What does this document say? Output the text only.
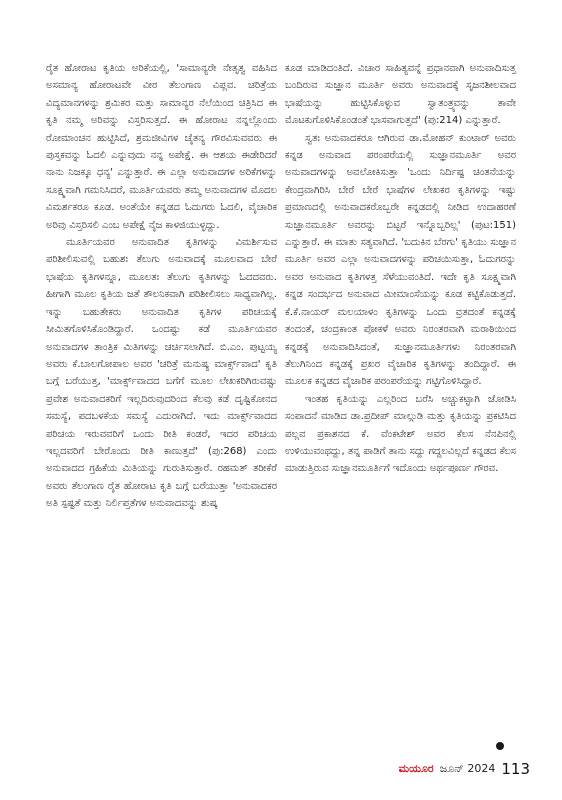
ರೈತ ಹೋರಾಟ ಕೃತಿಯ ಅರಿಕೆಯಲ್ಲಿ, 'ಸಾಮಾನ್ಯರೇ ನೇತೃತ್ವ ವಹಿಸಿದ ಅಸಮಾನ್ಯ ಹೋರಾಟವೇ ವೀರ ತೆಲಂಗಾಣ ವಿಪ್ಲವ. ಚರಿತ್ರೆಯ ವಿದ್ಯಮಾನಗಳನ್ನು ಶ್ರಮಿಕರ ಮತ್ತು ಸಾಮಾನ್ಯರ ನೆಲೆಯಿಂದ ಚಿತ್ರಿಸಿದ ಈ ಕೃತಿ ನಮ್ಮ ಅರಿವನ್ನು ವಿಸ್ತರಿಸುತ್ತದೆ. ಈ ಹೋರಾಟ ನನ್ನಲ್ಲೊಂದು ರೋಮಾಂಚನ ಹುಟ್ಟಿಸಿದೆ, ಶ್ರಮಜೀವಿಗಳ ಚೈತನ್ಯ ಗೌರವಿಸುವವರು ಈ ಪುಸ್ತಕವನ್ನು ಓದಲಿ ಎನ್ನುವುದು ನನ್ನ ಅಪೇಕ್ಷೆ. ಈ ಆಶಯ ಈಡೇರಿದರೆ ನಾನು ನಿಜಕ್ಕೂ ಧನ್ಯ' ಎನ್ನುತ್ತಾರೆ. ಈ ಎಲ್ಲಾ ಅನುವಾದಗಳ ಅರಿಕೆಗಳನ್ನು ಸೂಕ್ಷ್ಮವಾಗಿ ಗಮನಿಸಿದರೆ, ಮೂರ್ತಿಯವರು ತಮ್ಮ ಅನುವಾದಗಳ ಮೊದಲ ವಿಮರ್ಶಕರೂ ಕೂಡ. ಅಂತೆಯೇ ಕನ್ನಡದ ಓದುಗರು ಓದಲಿ, ವೈಚಾರಿಕ ಅರಿವು ವಿಸ್ತರಿಸಲಿ ಎಂಬ ಅಪೇಕ್ಷೆ ನೈಜ ಕಾಳಜಿಯುಳ್ಳದ್ದು.

ಮೂರ್ತಿಯವರ ಅನುವಾದಿತ ಕೃತಿಗಳನ್ನು ವಿಮರ್ಶಿಸುವ ಪರಿಶೀಲಿಸುವಲ್ಲಿ ಬಹುಶಃ ತೆಲುಗು ಅನುವಾದಕ್ಕೆ ಮೂಲವಾದ ಬೇರೆ ಭಾಷೆಯ ಕೃತಿಗಳನ್ನೂ, ಮೂಲತಃ ತೆಲುಗು ಕೃತಿಗಳನ್ನು ಓದದವರು. ಹೀಗಾಗಿ ಮೂಲ ಕೃತಿಯ ಜತೆ ತೌಲನಿಕವಾಗಿ ಪರಿಶೀಲಿಸಲು ಸಾಧ್ಯವಾಗಿಲ್ಲ. ಇನ್ನು ಬಹುತೇಕರು ಅನುವಾದಿತ ಕೃತಿಗಳ ಪರಿಚಯಕ್ಕೆ ಸೀಮಿತಗೊಳಿಸಿಕೊಂಡಿದ್ದಾರೆ. ಒಂದಷ್ಟು ಕಡೆ ಮೂರ್ತಿಯವರ ಅನುವಾದಗಳ ತಾಂತ್ರಿಕ ಮಿತಿಗಳನ್ನು ಚರ್ಚಿಸಲಾಗಿದೆ. ಬಿ.ಎಂ. ಪುಟ್ಟಯ್ಯ ಅವರು ಕೆ.ಬಾಲಗೋಪಾಲ ಅವರ 'ಚರಿತ್ರೆ ಮನುಷ್ಯ ಮಾರ್ಕ್ಸ್‌ವಾದ' ಕೃತಿ ಬಗ್ಗೆ ಬರೆಯುತ್ತ, 'ಮಾರ್ಕ್ಸ್‌ವಾದದ ಬಗೆಗೆ ಮೂಲ ಲೇಖಕರಿಗಿರುವಷ್ಟು ಪ್ರವೇಶ ಅನುವಾದಕರಿಗೆ ಇಲ್ಲದಿರುವುದರಿಂದ ಕೆಲವು ಕಡೆ ದೃಷ್ಟಿಕೋನದ ಸಮಸ್ಯೆ, ಪದಬಳಕೆಯ ಸಮಸ್ಯೆ ಎದುರಾಗಿದೆ. ಇದು ಮಾರ್ಕ್ಸ್‌ವಾದದ ಪರಿಚಯ ಇರುವವರಿಗೆ ಒಂದು ರೀತಿ ಕಂಡರೆ, ಇದರ ಪರಿಚಯ ಇಲ್ಲದವರಿಗೆ ಬೇರೊಂದು ರೀತಿ ಕಾಣುತ್ತದೆ' (ಪು:268) ಎಂದು ಅನುವಾದದ ಗ್ರಹಿಕೆಯ ಮಿತಿಯನ್ನು ಗುರುತಿಸುತ್ತಾರೆ. ರಹಮತ್ ತರೀಕೆರೆ ಅವರು ತೆಲಂಗಾಣ ರೈತ ಹೋರಾಟ ಕೃತಿ ಬಗ್ಗೆ ಬರೆಯುತ್ತಾ 'ಅನುವಾದಕರ ಅತಿ ಸ್ಪಷ್ಟತೆ ಮತ್ತು ನಿರ್ಲಿಪ್ತತೆಗಳ ಅನುವಾದವನ್ನು ಶುಷ್ಕ

ಕೂಡ ಮಾಡಿದಂತಿದೆ. ವಿಚಾರ ಸಾಹಿತ್ಯವನ್ನೆ ಪ್ರಧಾನವಾಗಿ ಅನುವಾದಿಸುತ್ತ ಬಂದಿರುವ ಸುಜ್ಞಾನ ಮೂರ್ತಿ ಅವರು ಅನುವಾದಕ್ಕೆ ಸೃಜನಶೀಲವಾದ ಭಾಷೆಯನ್ನು ಹುಟ್ಟಿಸಿಕೊಳ್ಳುವ ಸ್ವಾತಂತ್ರ್ಯವನ್ನು ತಾವೇ ಮೊಟಕುಗೊಳಿಸಿಕೊಂಡಂತೆ ಭಾಸವಾಗುತ್ತದೆ' (ಪು:214) ಎನ್ನುತ್ತಾರೆ.

ಸ್ವತಃ ಅನುವಾದಕರೂ ಆಗಿರುವ ಡಾ.ಮೋಹನ್ ಕುಂಟಾರ್ ಅವರು ಕನ್ನಡ ಅನುವಾದ ಪರಂಪರೆಯಲ್ಲಿ ಸುಜ್ಞಾನಮೂರ್ತಿ ಅವರ ಅನುವಾದಗಳನ್ನು ಅವಲೋಕಿಸುತ್ತಾ 'ಒಂದು ನಿರ್ದಿಷ್ಟ ಚಿಂತನೆಯನ್ನು ಕೇಂದ್ರವಾಗಿರಿಸಿ ಬೇರೆ ಬೇರೆ ಭಾಷೆಗಳ ಲೇಖಕರ ಕೃತಿಗಳನ್ನು ಇಷ್ಟು ಪ್ರಮಾಣದಲ್ಲಿ ಅನುವಾದಕರೊಬ್ಬರೇ ಕನ್ನಡದಲ್ಲಿ ನೀಡಿದ ಉದಾಹರಣೆ ಸುಜ್ಞಾನಮೂರ್ತಿ ಅವರನ್ನು ಬಿಟ್ಟರೆ ಇನ್ನೊಬ್ಬರಿಲ್ಲ' (ಪುಟ:151) ಎನ್ನುತ್ತಾರೆ. ಈ ಮಾತು ಸತ್ಯವಾಗಿದೆ. 'ಬದುಕಿನ ಬೆರಗು' ಕೃತಿಯು ಸುಜ್ಞಾನ ಮೂರ್ತಿ ಅವರ ಎಲ್ಲಾ ಅನುವಾದಗಳನ್ನು ಪರಿಚಯಿಸುತ್ತಾ, ಓದುಗರನ್ನು ಅವರ ಅನುವಾದ ಕೃತಿಗಳತ್ತ ಸೆಳೆಯುವಂತಿದೆ. ಇದೇ ಕೃತಿ ಸೂಕ್ಷ್ಮವಾಗಿ ಕನ್ನಡ ಸಂದರ್ಭದ ಅನುವಾದ ಮೀಮಾಂಸೆಯನ್ನು ಕೂಡ ಕಟ್ಟಿಕೊಡುತ್ತದೆ. ಕೆ.ಕೆ.ನಾಯರ್ ಮಲಯಾಳಂ ಕೃತಿಗಳನ್ನು ಒಂದು ವ್ರತದಂತೆ ಕನ್ನಡಕ್ಕೆ ತಂದಂತೆ, ಚಂದ್ರಕಾಂತ ಪೋಕಳೆ ಅವರು ನಿರಂತರವಾಗಿ ಮರಾಠಿಯಿಂದ ಕನ್ನಡಕ್ಕೆ ಅನುವಾದಿಸಿದಂತೆ, ಸುಜ್ಞಾನಮೂರ್ತಿಗಳು ನಿರಂತರವಾಗಿ ತೆಲುಗಿನಿಂದ ಕನ್ನಡಕ್ಕೆ ಪ್ರಖರ ವೈಚಾರಿಕ ಕೃತಿಗಳನ್ನು ತಂದಿದ್ದಾರೆ. ಈ ಮೂಲಕ ಕನ್ನಡದ ವೈಚಾರಿಕ ಪರಂಪರೆಯನ್ನು ಗಟ್ಟಿಗೊಳಿಸಿದ್ದಾರೆ.

ಇಂತಹ ಕೃತಿಯನ್ನು ಎಲ್ಲರಿಂದ ಬರೆಸಿ ಅಚ್ಚುಕಟ್ಟಾಗಿ ಜೋಡಿಸಿ ಸಂಪಾದನೆ ಮಾಡಿದ ಡಾ.ಪ್ರದೀಪ್ ಮಾಲ್ಗುಡಿ ಮತ್ತು ಕೃತಿಯನ್ನು ಪ್ರಕಟಿಸಿದ ಪಲ್ಲವ ಪ್ರಕಾಶನದ ಕೆ. ವೆಂಕಟೇಶ್ ಅವರ ಕೆಲಸ ನೆನಪಿನಲ್ಲಿ ಉಳಿಯುವಂಥದ್ದು, ತನ್ನ ಪಾಡಿಗೆ ತಾನು ಸದ್ದು ಗದ್ದಲವಿಲ್ಲದೆ ಕನ್ನಡದ ಕೆಲಸ ಮಾಡುತ್ತಿರುವ ಸುಜ್ಞಾನಮೂರ್ತಿಗೆ ಇದೊಂದು ಅರ್ಥಪೂರ್ಣ ಗೌರವ.

ಮಯೂರ ಜೂನ್ 2024 113
